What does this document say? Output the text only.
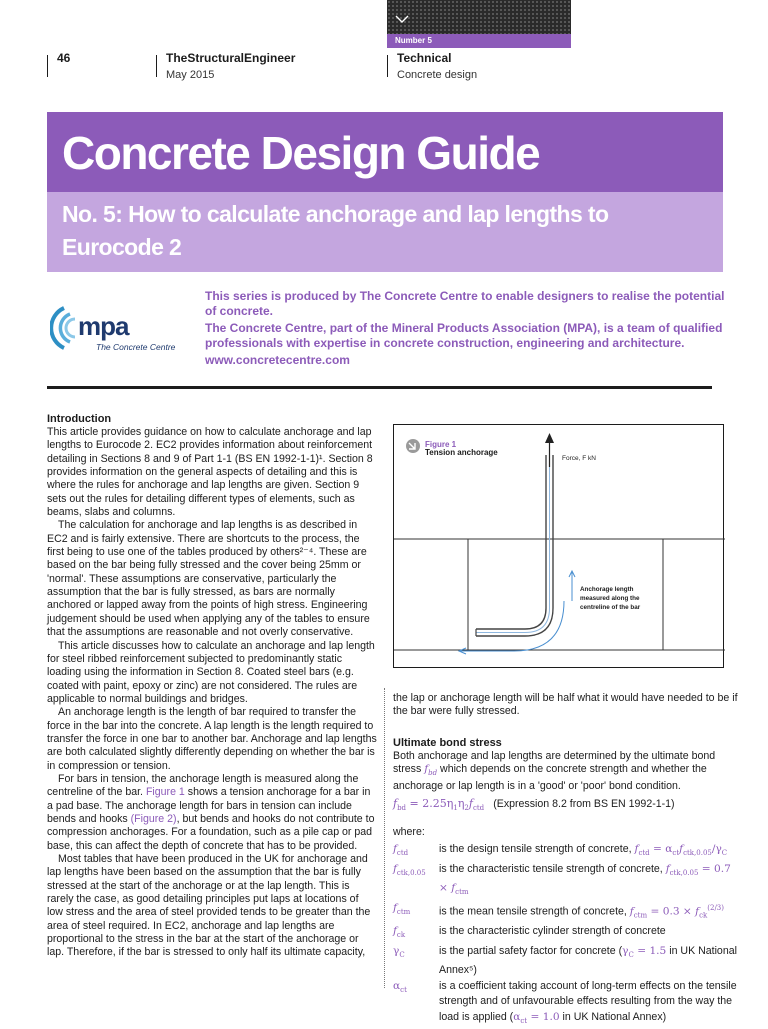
Number 5
46	TheStructuralEngineer
May 2015
Technical
Concrete design
Concrete Design Guide
No. 5: How to calculate anchorage and lap lengths to Eurocode 2
mpa
The Concrete Centre

This series is produced by The Concrete Centre to enable designers to realise the potential of concrete.

The Concrete Centre, part of the Mineral Products Association (MPA), is a team of qualified professionals with expertise in concrete construction, engineering and architecture.

www.concretecentre.com

Introduction

This article provides guidance on how to calculate anchorage and lap lengths to Eurocode 2. EC2 provides information about reinforcement detailing in Sections 8 and 9 of Part 1-1 (BS EN 1992-1-1)¹. Section 8 provides information on the general aspects of detailing and this is where the rules for anchorage and lap lengths are given. Section 9 sets out the rules for detailing different types of elements, such as beams, slabs and columns.

The calculation for anchorage and lap lengths is as described in EC2 and is fairly extensive. There are shortcuts to the process, the first being to use one of the tables produced by others²⁻⁴. These are based on the bar being fully stressed and the cover being 25mm or 'normal'. These assumptions are conservative, particularly the assumption that the bar is fully stressed, as bars are normally anchored or lapped away from the points of high stress. Engineering judgement should be used when applying any of the tables to ensure that the assumptions are reasonable and not overly conservative.

This article discusses how to calculate an anchorage and lap length for steel ribbed reinforcement subjected to predominantly static loading using the information in Section 8. Coated steel bars (e.g. coated with paint, epoxy or zinc) are not considered. The rules are applicable to normal buildings and bridges.

An anchorage length is the length of bar required to transfer the force in the bar into the concrete. A lap length is the length required to transfer the force in one bar to another bar. Anchorage and lap lengths are both calculated slightly differently depending on whether the bar is in compression or tension.

For bars in tension, the anchorage length is measured along the centreline of the bar. Figure 1 shows a tension anchorage for a bar in a pad base. The anchorage length for bars in tension can include bends and hooks (Figure 2), but bends and hooks do not contribute to compression anchorages. For a foundation, such as a pile cap or pad base, this can affect the depth of concrete that has to be provided.

Most tables that have been produced in the UK for anchorage and lap lengths have been based on the assumption that the bar is fully stressed at the start of the anchorage or at the lap length. This is rarely the case, as good detailing principles put laps at locations of low stress and the area of steel provided tends to be greater than the area of steel required. In EC2, anchorage and lap lengths are proportional to the stress in the bar at the start of the anchorage or lap. Therefore, if the bar is stressed to only half its ultimate capacity,

Figure 1
Tension anchorage
Force, F kN
Anchorage length measured along the centreline of the bar

the lap or anchorage length will be half what it would have needed to be if the bar were fully stressed.

Ultimate bond stress

Both anchorage and lap lengths are determined by the ultimate bond stress $f_{bd}$ which depends on the concrete strength and whether the anchorage or lap length is in a 'good' or 'poor' bond condition.

$f_{bd} = 2.25\eta_1\eta_2f_{ctd}$ (Expression 8.2 from BS EN 1992-1-1)
where:
$f_{ctd}$	is the design tensile strength of concrete, $f_{ctd} = \alpha_{ct}f_{ctk,0.05}/\gamma_C$
$f_{ctk,0.05}$	is the characteristic tensile strength of concrete, $f_{ctk,0.05} = 0.7 \times f_{ctm}$
$f_{ctm}$	is the mean tensile strength of concrete, $f_{ctm} = 0.3 \times f_{ck}^{(2/3)}$
$f_{ck}$	is the characteristic cylinder strength of concrete
$\gamma_C$	is the partial safety factor for concrete ($\gamma_C = 1.5$ in UK National Annex⁵)
$\alpha_{ct}$	is a coefficient taking account of long-term effects on the tensile strength and of unfavourable effects resulting from the way the load is applied ($\alpha_{ct} = 1.0$ in UK National Annex)
